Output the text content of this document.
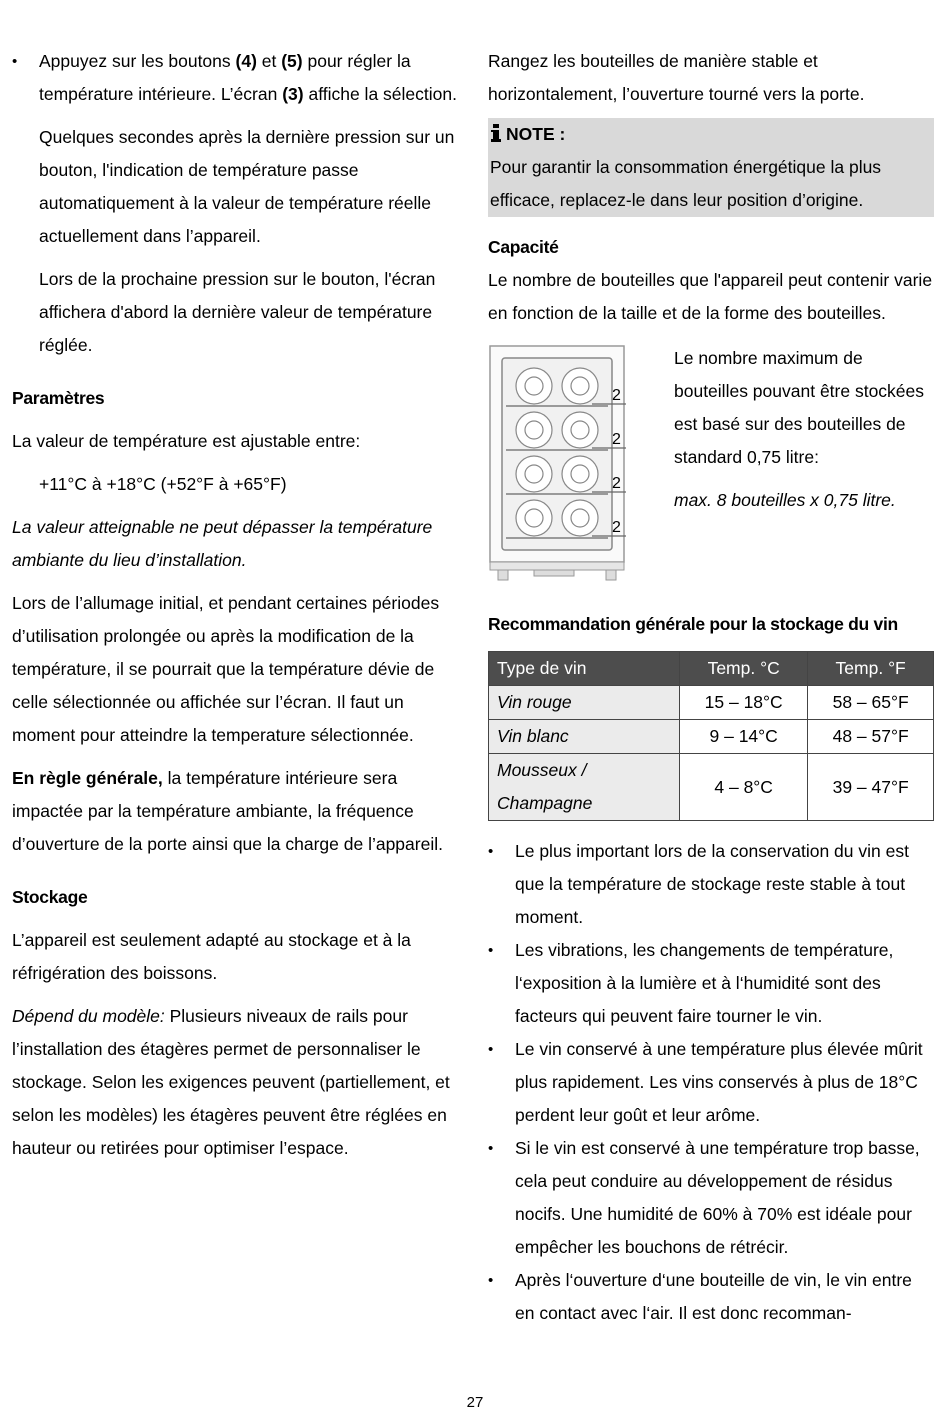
• Appuyez sur les boutons (4) et (5) pour régler la température intérieure. L’écran (3) affiche la sélection.

Quelques secondes après la dernière pression sur un bouton, l'indication de température passe automatiquement à la valeur de température réelle actuellement dans l’appareil.

Lors de la prochaine pression sur le bouton, l'écran affichera d'abord la dernière valeur de température réglée.

Paramètres

La valeur de température est ajustable entre:

+11°C à +18°C (+52°F à +65°F)

La valeur atteignable ne peut dépasser la température ambiante du lieu d’installation.

Lors de l’allumage initial, et pendant certaines périodes d’utilisation prolongée ou après la modification de la température, il se pourrait que la température dévie de celle sélectionnée ou affichée sur l’écran. Il faut un moment pour atteindre la temperature sélectionnée.

En règle générale, la température intérieure sera impactée par la température ambiante, la fréquence d’ouverture de la porte ainsi que la charge de l’appareil.

Stockage

L’appareil est seulement adapté au stockage et à la réfrigération des boissons.

Dépend du modèle: Plusieurs niveaux de rails pour l’installation des étagères permet de personnaliser le stockage. Selon les exigences peuvent (partiellement, et selon les modèles) les étagères peuvent être réglées en hauteur ou retirées pour optimiser l’espace.

Rangez les bouteilles de manière stable et horizontalement, l’ouverture tourné vers la porte.

NOTE :

Pour garantir la consommation énergétique la plus efficace, replacez-le dans leur position d’origine.

Capacité

Le nombre de bouteilles que l'appareil peut contenir varie en fonction de la taille et de la forme des bouteilles.

2
2
2
2

Le nombre maximum de bouteilles pouvant être stockées est basé sur des bouteilles de standard 0,75 litre:

max. 8 bouteilles x 0,75 litre.

Recommandation générale pour la stockage du vin

Type de vin	Temp. °C	Temp. °F
Vin rouge	15 – 18°C	58 – 65°F
Vin blanc	9 – 14°C	48 – 57°F
Mousseux / Champagne	4 – 8°C	39 – 47°F

• Le plus important lors de la conservation du vin est que la température de stockage reste stable à tout moment.

• Les vibrations, les changements de température, l‘exposition à la lumière et à l‘humidité sont des facteurs qui peuvent faire tourner le vin.

• Le vin conservé à une température plus élevée mûrit plus rapidement. Les vins conservés à plus de 18°C perdent leur goût et leur arôme.

• Si le vin est conservé à une température trop basse, cela peut conduire au développement de résidus nocifs. Une humidité de 60% à 70% est idéale pour empêcher les bouchons de rétrécir.

• Après l‘ouverture d‘une bouteille de vin, le vin entre en contact avec l‘air. Il est donc recomman-

27
